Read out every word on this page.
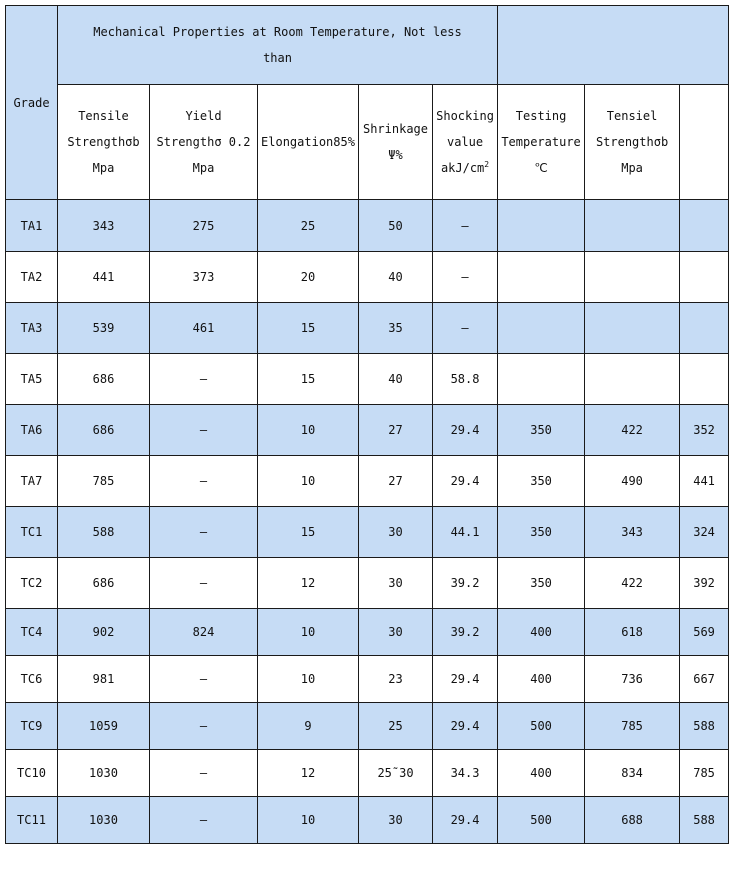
Grade	Mechanical Properties at Room Temperature, Not less
than							

	Tensile
Strengthσb
Mpa	Yield
Strengthσ 0.2
Mpa	Elongation85%	Shrinkage
Ψ%	Shocking
value
akJ/$cm^2$	Testing
Temperature
℃	Tensiel
Strengthσb
Mpa	

TA1	343	275	25	50	–			
TA2	441	373	20	40	–			
TA3	539	461	15	35	–			
TA5	686	–	15	40	58.8			
TA6	686	–	10	27	29.4	350	422	352
TA7	785	–	10	27	29.4	350	490	441
TC1	588	–	15	30	44.1	350	343	324
TC2	686	–	12	30	39.2	350	422	392
TC4	902	824	10	30	39.2	400	618	569
TC6	981	–	10	23	29.4	400	736	667
TC9	1059	–	9	25	29.4	500	785	588
TC10	1030	–	12	25˜30	34.3	400	834	785
TC11	1030	–	10	30	29.4	500	688	588
